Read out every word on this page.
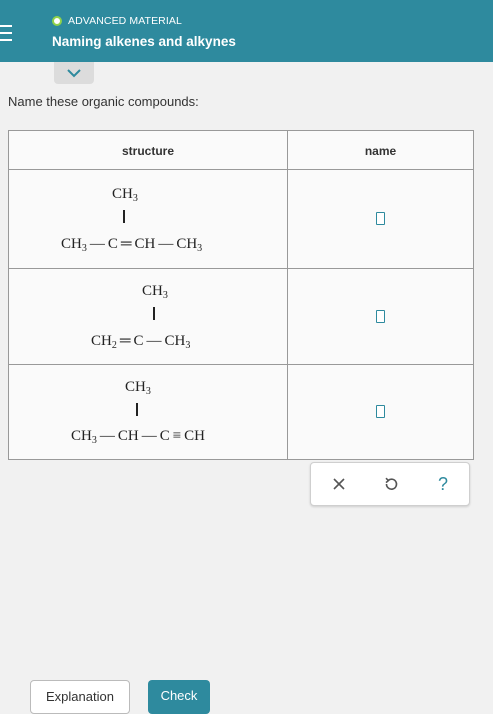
ADVANCED MATERIAL
Naming alkenes and alkynes
Name these organic compounds:
structure	name
$CH_3$
$CH_3$ — C ═ CH — $CH_3$
$CH_3$
$CH_2$ ═ C — $CH_3$
$CH_3$
$CH_3$ — CH — C ≡ CH
?
Explanation	Check
